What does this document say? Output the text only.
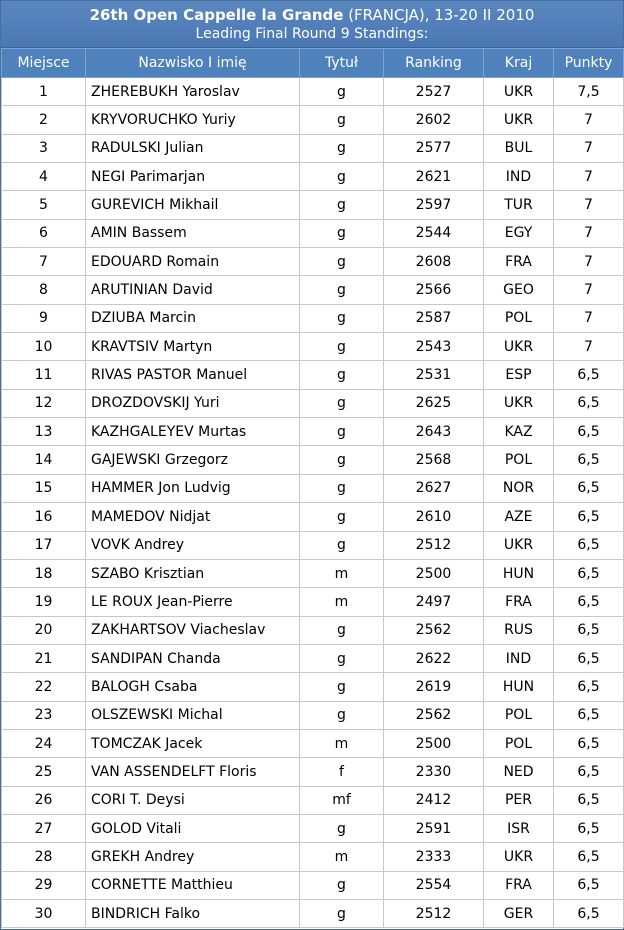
26th Open Cappelle la Grande (FRANCJA), 13-20 II 2010
Leading Final Round 9 Standings:
Miejsce	Nazwisko I imię	Tytuł	Ranking	Kraj	Punkty
1	ZHEREBUKH Yaroslav	g	2527	UKR	7,5
2	KRYVORUCHKO Yuriy	g	2602	UKR	7
3	RADULSKI Julian	g	2577	BUL	7
4	NEGI Parimarjan	g	2621	IND	7
5	GUREVICH Mikhail	g	2597	TUR	7
6	AMIN Bassem	g	2544	EGY	7
7	EDOUARD Romain	g	2608	FRA	7
8	ARUTINIAN David	g	2566	GEO	7
9	DZIUBA Marcin	g	2587	POL	7
10	KRAVTSIV Martyn	g	2543	UKR	7
11	RIVAS PASTOR Manuel	g	2531	ESP	6,5
12	DROZDOVSKIJ Yuri	g	2625	UKR	6,5
13	KAZHGALEYEV Murtas	g	2643	KAZ	6,5
14	GAJEWSKI Grzegorz	g	2568	POL	6,5
15	HAMMER Jon Ludvig	g	2627	NOR	6,5
16	MAMEDOV Nidjat	g	2610	AZE	6,5
17	VOVK Andrey	g	2512	UKR	6,5
18	SZABO Krisztian	m	2500	HUN	6,5
19	LE ROUX Jean-Pierre	m	2497	FRA	6,5
20	ZAKHARTSOV Viacheslav	g	2562	RUS	6,5
21	SANDIPAN Chanda	g	2622	IND	6,5
22	BALOGH Csaba	g	2619	HUN	6,5
23	OLSZEWSKI Michal	g	2562	POL	6,5
24	TOMCZAK Jacek	m	2500	POL	6,5
25	VAN ASSENDELFT Floris	f	2330	NED	6,5
26	CORI T. Deysi	mf	2412	PER	6,5
27	GOLOD Vitali	g	2591	ISR	6,5
28	GREKH Andrey	m	2333	UKR	6,5
29	CORNETTE Matthieu	g	2554	FRA	6,5
30	BINDRICH Falko	g	2512	GER	6,5
